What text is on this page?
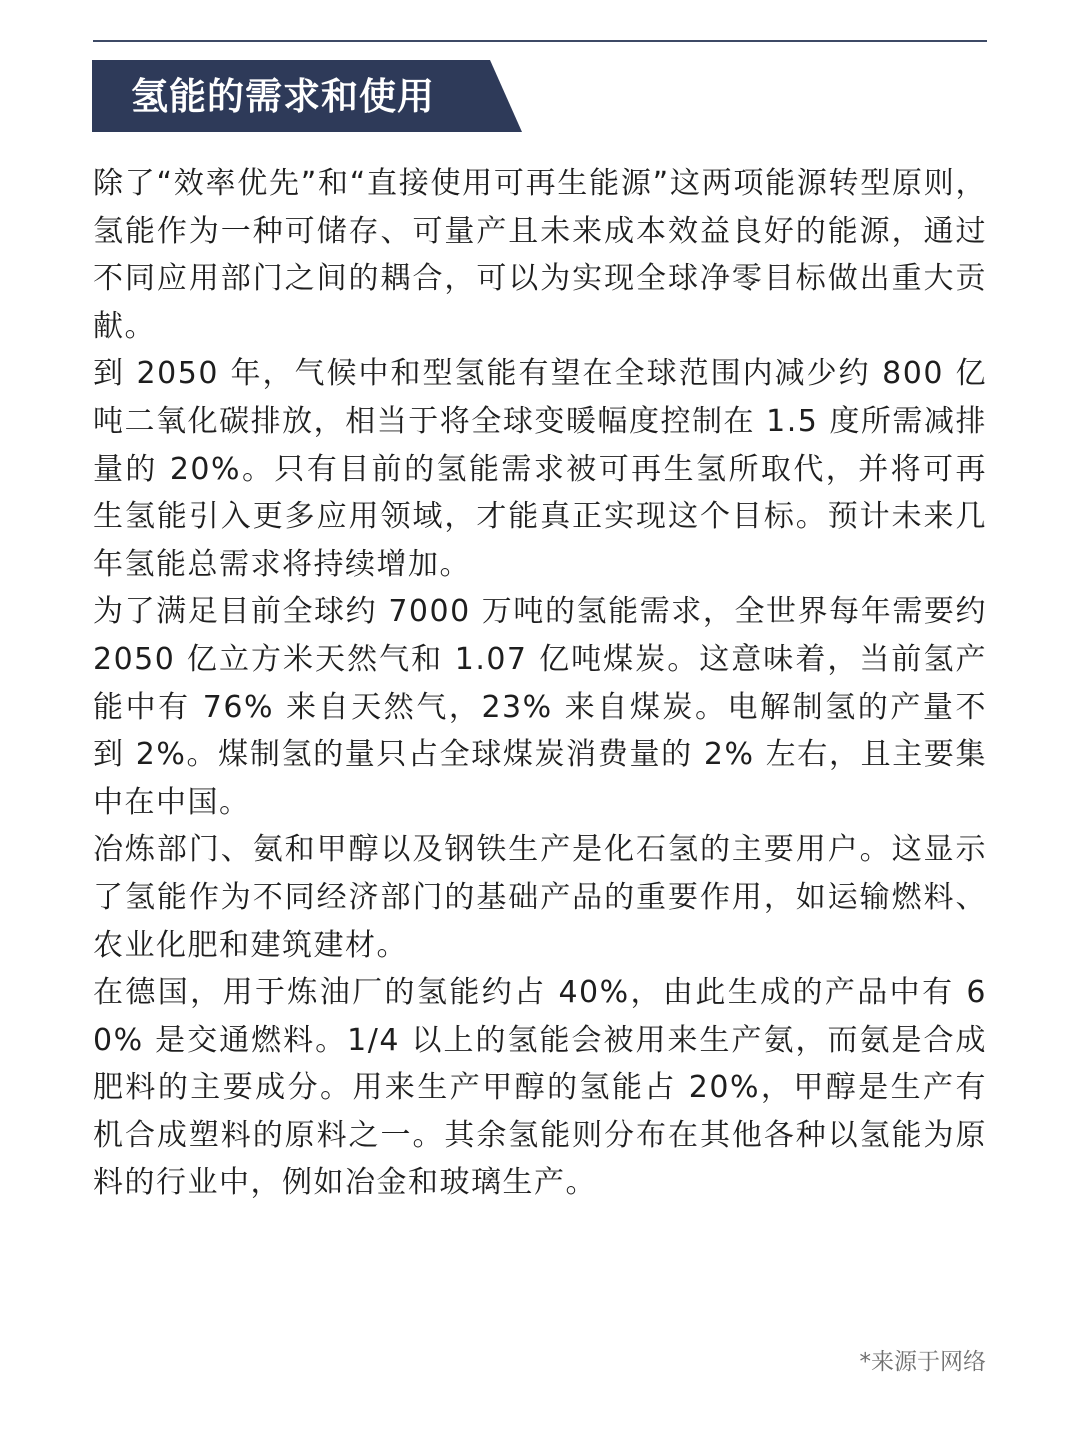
氢能的需求和使用

除了“效率优先”和“直接使用可再生能源”这两项能源转型原则，氢能作为一种可储存、可量产且未来成本效益良好的能源，通过不同应用部门之间的耦合，可以为实现全球净零目标做出重大贡献。

到 2050 年，气候中和型氢能有望在全球范围内减少约 800 亿吨二氧化碳排放，相当于将全球变暖幅度控制在 1.5 度所需减排量的 20%。只有目前的氢能需求被可再生氢所取代，并将可再生氢能引入更多应用领域，才能真正实现这个目标。预计未来几年氢能总需求将持续增加。

为了满足目前全球约 7000 万吨的氢能需求，全世界每年需要约 2050 亿立方米天然气和 1.07 亿吨煤炭。这意味着，当前氢产能中有 76% 来自天然气，23% 来自煤炭。电解制氢的产量不到 2%。煤制氢的量只占全球煤炭消费量的 2% 左右，且主要集中在中国。

冶炼部门、氨和甲醇以及钢铁生产是化石氢的主要用户。这显示了氢能作为不同经济部门的基础产品的重要作用，如运输燃料、农业化肥和建筑建材。

在德国，用于炼油厂的氢能约占 40%，由此生成的产品中有 60% 是交通燃料。1/4 以上的氢能会被用来生产氨，而氨是合成肥料的主要成分。用来生产甲醇的氢能占 20%，甲醇是生产有机合成塑料的原料之一。其余氢能则分布在其他各种以氢能为原料的行业中，例如冶金和玻璃生产。

*来源于网络
